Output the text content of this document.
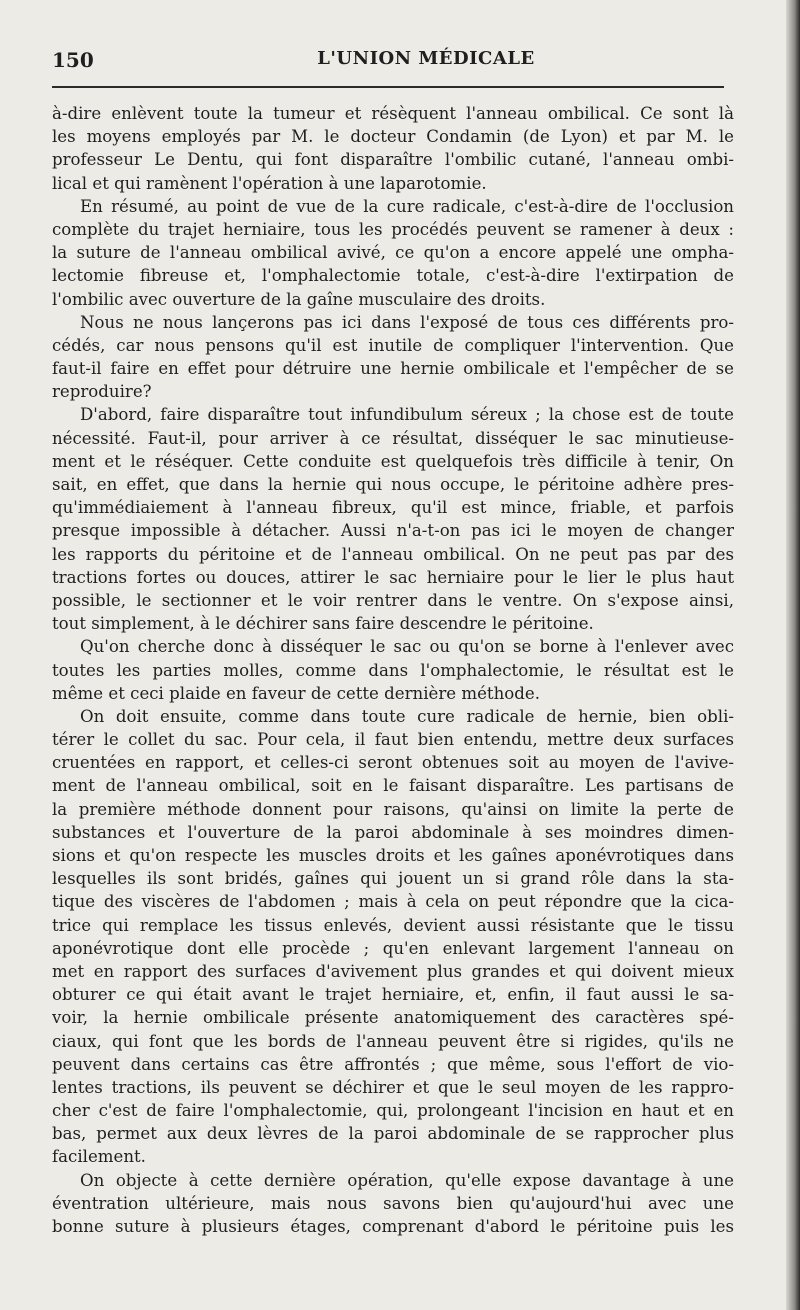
150	L'UNION MÉDICALE
à-dire enlèvent toute la tumeur et résèquent l'anneau ombilical. Ce sont là
les moyens employés par M. le docteur Condamin (de Lyon) et par M. le
professeur Le Dentu, qui font disparaître l'ombilic cutané, l'anneau ombi-
lical et qui ramènent l'opération à une laparotomie.
En résumé, au point de vue de la cure radicale, c'est-à-dire de l'occlusion
complète du trajet herniaire, tous les procédés peuvent se ramener à deux :
la suture de l'anneau ombilical avivé, ce qu'on a encore appelé une ompha-
lectomie fibreuse et, l'omphalectomie totale, c'est-à-dire l'extirpation de
l'ombilic avec ouverture de la gaîne musculaire des droits.
Nous ne nous lançerons pas ici dans l'exposé de tous ces différents pro-
cédés, car nous pensons qu'il est inutile de compliquer l'intervention. Que
faut-il faire en effet pour détruire une hernie ombilicale et l'empêcher de se
reproduire?
D'abord, faire disparaître tout infundibulum séreux ; la chose est de toute
nécessité. Faut-il, pour arriver à ce résultat, disséquer le sac minutieuse-
ment et le réséquer. Cette conduite est quelquefois très difficile à tenir, On
sait, en effet, que dans la hernie qui nous occupe, le péritoine adhère pres-
qu'immédiaiement à l'anneau fibreux, qu'il est mince, friable, et parfois
presque impossible à détacher. Aussi n'a-t-on pas ici le moyen de changer
les rapports du péritoine et de l'anneau ombilical. On ne peut pas par des
tractions fortes ou douces, attirer le sac herniaire pour le lier le plus haut
possible, le sectionner et le voir rentrer dans le ventre. On s'expose ainsi,
tout simplement, à le déchirer sans faire descendre le péritoine.
Qu'on cherche donc à disséquer le sac ou qu'on se borne à l'enlever avec
toutes les parties molles, comme dans l'omphalectomie, le résultat est le
même et ceci plaide en faveur de cette dernière méthode.
On doit ensuite, comme dans toute cure radicale de hernie, bien obli-
térer le collet du sac. Pour cela, il faut bien entendu, mettre deux surfaces
cruentées en rapport, et celles-ci seront obtenues soit au moyen de l'avive-
ment de l'anneau ombilical, soit en le faisant disparaître. Les partisans de
la première méthode donnent pour raisons, qu'ainsi on limite la perte de
substances et l'ouverture de la paroi abdominale à ses moindres dimen-
sions et qu'on respecte les muscles droits et les gaînes aponévrotiques dans
lesquelles ils sont bridés, gaînes qui jouent un si grand rôle dans la sta-
tique des viscères de l'abdomen ; mais à cela on peut répondre que la cica-
trice qui remplace les tissus enlevés, devient aussi résistante que le tissu
aponévrotique dont elle procède ; qu'en enlevant largement l'anneau on
met en rapport des surfaces d'avivement plus grandes et qui doivent mieux
obturer ce qui était avant le trajet herniaire, et, enfin, il faut aussi le sa-
voir, la hernie ombilicale présente anatomiquement des caractères spé-
ciaux, qui font que les bords de l'anneau peuvent être si rigides, qu'ils ne
peuvent dans certains cas être affrontés ; que même, sous l'effort de vio-
lentes tractions, ils peuvent se déchirer et que le seul moyen de les rappro-
cher c'est de faire l'omphalectomie, qui, prolongeant l'incision en haut et en
bas, permet aux deux lèvres de la paroi abdominale de se rapprocher plus
facilement.
On objecte à cette dernière opération, qu'elle expose davantage à une
éventration ultérieure, mais nous savons bien qu'aujourd'hui avec une
bonne suture à plusieurs étages, comprenant d'abord le péritoine puis les
